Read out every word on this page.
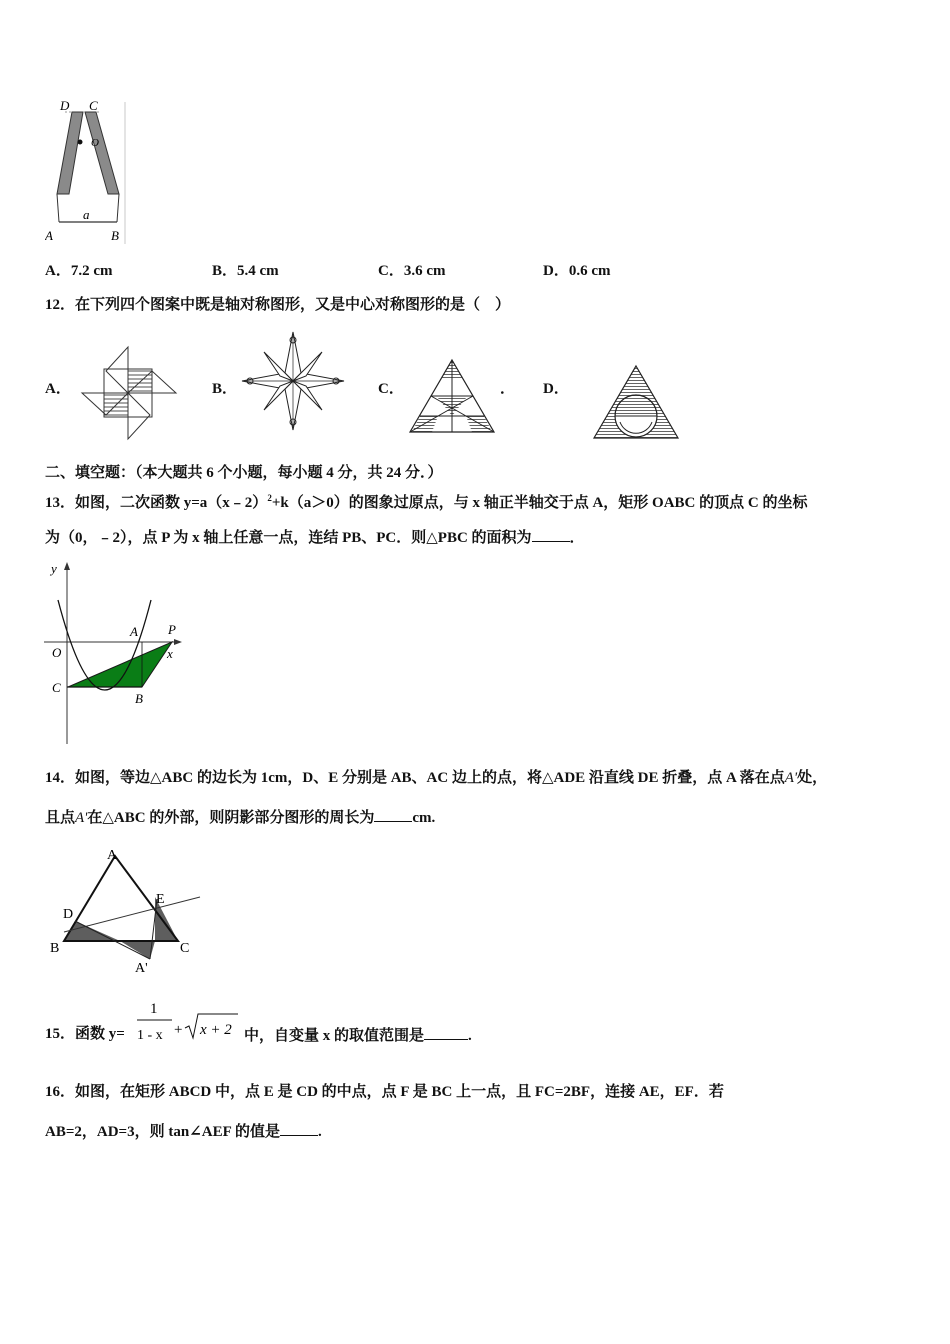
D C
O
A	B
a
A．7.2 cm	B．5.4 cm	C．3.6 cm	D．0.6 cm
12．在下列四个图案中既是轴对称图形，又是中心对称图形的是（　）
A．	B．	C．	． D．
二、填空题：（本大题共 6 个小题，每小题 4 分，共 24 分．）
13．如图，二次函数 y=a（x﹣2）$^2$+k（a＞0）的图象过原点，与 x 轴正半轴交于点 A，矩形 OABC 的顶点 C 的坐标
为（0，﹣2），点 P 为 x 轴上任意一点，连结 PB、PC．则△PBC 的面积为	．
y
O
A P
x
C
B
14．如图，等边△ABC 的边长为 1cm，D、E 分别是 AB、AC 边上的点，将△ADE 沿直线 DE 折叠，点 A 落在点A'处，
且点A'在△ABC 的外部，则阴影部分图形的周长为	cm.
A
D
E
B	C
A'
15．函数 y=
1
1 - x + x + 2 中，自变量 x 的取值范围是	.
16．如图，在矩形 ABCD 中，点 E 是 CD 的中点，点 F 是 BC 上一点，且 FC=2BF，连接 AE，EF．若
AB=2，AD=3，则 tan∠AEF 的值是	.
